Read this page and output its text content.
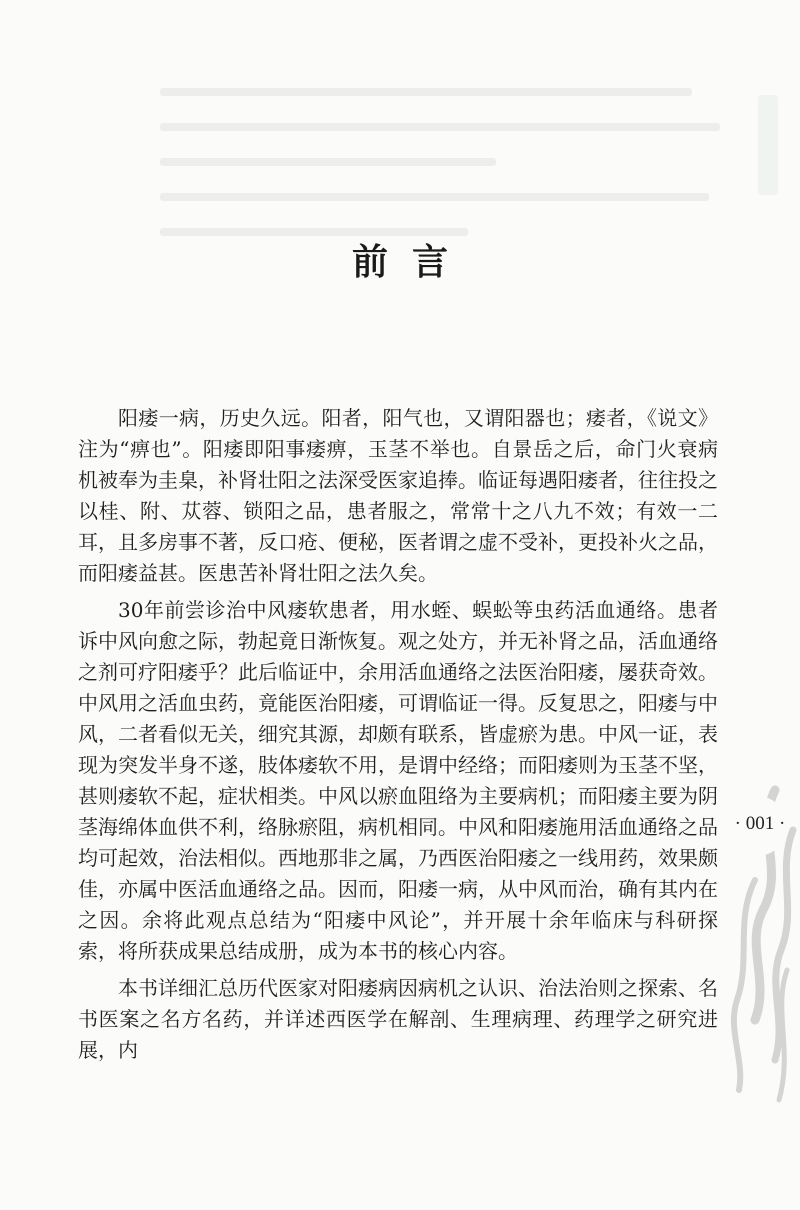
前言

阳痿一病，历史久远。阳者，阳气也，又谓阳器也；痿者，《说文》注为“痹也”。阳痿即阳事痿痹，玉茎不举也。自景岳之后，命门火衰病机被奉为圭臬，补肾壮阳之法深受医家追捧。临证每遇阳痿者，往往投之以桂、附、苁蓉、锁阳之品，患者服之，常常十之八九不效；有效一二耳，且多房事不著，反口疮、便秘，医者谓之虚不受补，更投补火之品，而阳痿益甚。医患苦补肾壮阳之法久矣。

30年前尝诊治中风痿软患者，用水蛭、蜈蚣等虫药活血通络。患者诉中风向愈之际，勃起竟日渐恢复。观之处方，并无补肾之品，活血通络之剂可疗阳痿乎？此后临证中，余用活血通络之法医治阳痿，屡获奇效。中风用之活血虫药，竟能医治阳痿，可谓临证一得。反复思之，阳痿与中风，二者看似无关，细究其源，却颇有联系，皆虚瘀为患。中风一证，表现为突发半身不遂，肢体痿软不用，是谓中经络；而阳痿则为玉茎不坚，甚则痿软不起，症状相类。中风以瘀血阻络为主要病机；而阳痿主要为阴茎海绵体血供不利，络脉瘀阻，病机相同。中风和阳痿施用活血通络之品均可起效，治法相似。西地那非之属，乃西医治阳痿之一线用药，效果颇佳，亦属中医活血通络之品。因而，阳痿一病，从中风而治，确有其内在之因。余将此观点总结为“阳痿中风论”，并开展十余年临床与科研探索，将所获成果总结成册，成为本书的核心内容。

本书详细汇总历代医家对阳痿病因病机之认识、治法治则之探索、名书医案之名方名药，并详述西医学在解剖、生理病理、药理学之研究进展，内

· 001 ·
